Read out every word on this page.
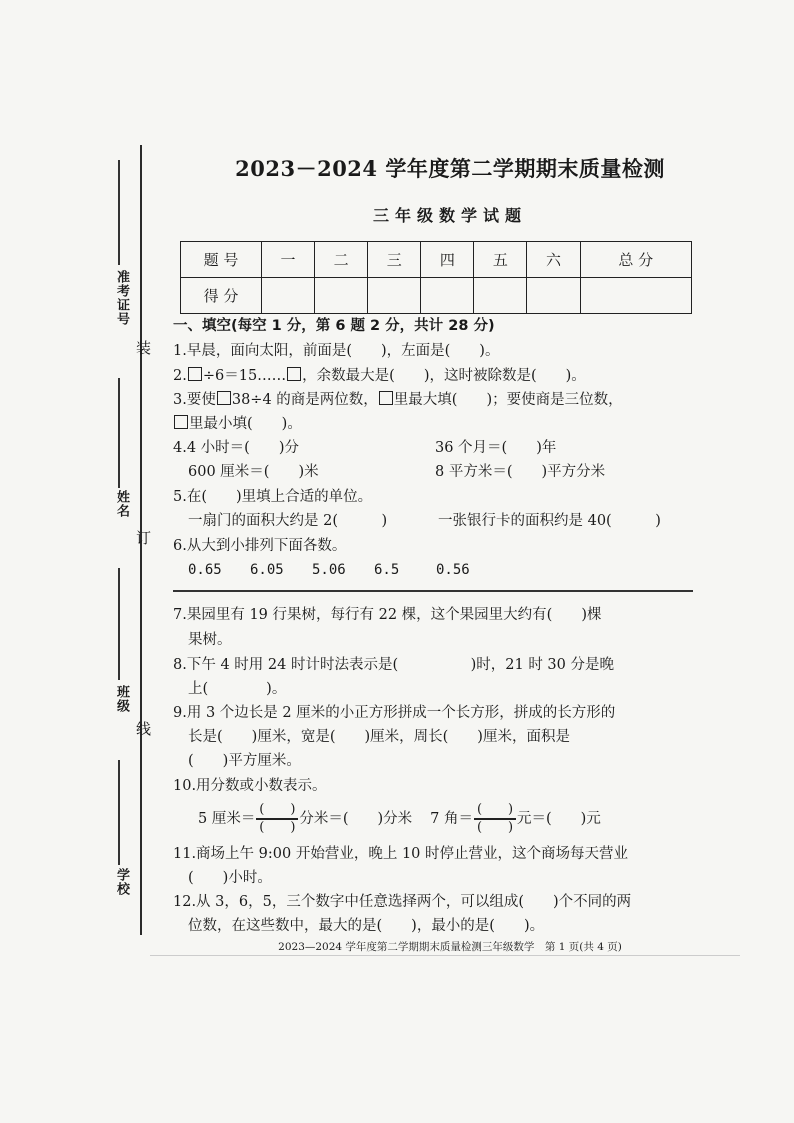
准考证号
姓名
班级
学校
装
订
线
2023－2024 学年度第二学期期末质量检测
三年级数学试题
题 号	一	二	三	四	五	六	总 分
得 分							
一、填空(每空 1 分，第 6 题 2 分，共计 28 分)
1.早晨，面向太阳，前面是(　　)，左面是(　　)。
2. ÷6＝15…… ，余数最大是(　　)，这时被除数是(　　)。
3.要使 38÷4 的商是两位数， 里最大填(　　)；要使商是三位数，
里最小填(　　)。
4.4 小时＝(　　)分	36 个月＝(　　)年
600 厘米＝(　　)米	8 平方米＝(　　)平方分米
5.在(　　)里填上合适的单位。
一扇门的面积大约是 2(　　　)	一张银行卡的面积约是 40(　　　)
6.从大到小排列下面各数。
0.65 6.05 5.06 6.5	0.56
7.果园里有 19 行果树，每行有 22 棵，这个果园里大约有(　　)棵
果树。
8.下午 4 时用 24 时计时法表示是(　　　　　)时，21 时 30 分是晚
上(　　　　)。
9.用 3 个边长是 2 厘米的小正方形拼成一个长方形，拼成的长方形的
长是(　　)厘米，宽是(　　)厘米，周长(　　)厘米，面积是
(　　)平方厘米。
10.用分数或小数表示。
5 厘米＝ $\frac{( )}{( )}$ 分米＝(　　)分米 7 角＝ $\frac{( )}{( )}$ 元＝(　　)元
11.商场上午 9:00 开始营业，晚上 10 时停止营业，这个商场每天营业
(　　)小时。
12.从 3，6，5，三个数字中任意选择两个，可以组成(　　)个不同的两
位数，在这些数中，最大的是(　　)，最小的是(　　)。
2023—2024 学年度第二学期期末质量检测三年级数学　第 1 页(共 4 页)
